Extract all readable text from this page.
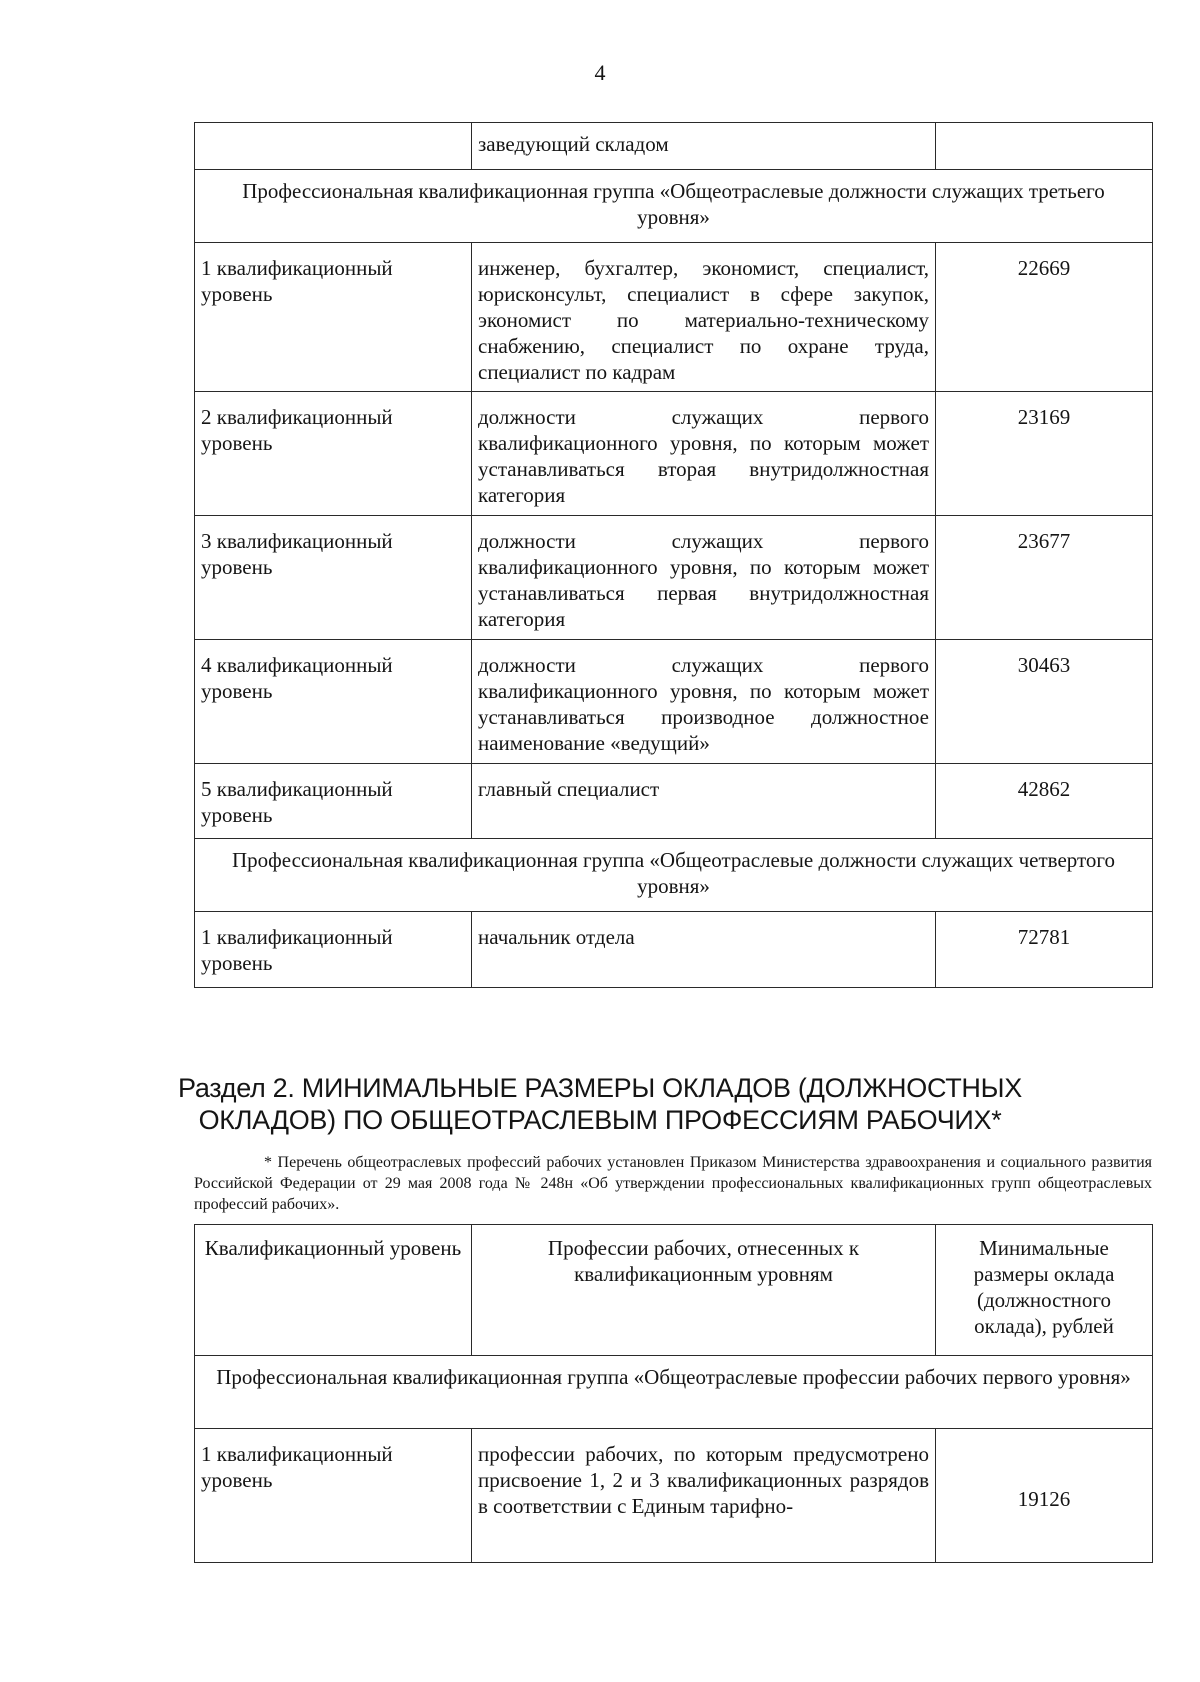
4
	заведующий складом	
Профессиональная квалификационная группа «Общеотраслевые должности служащих третьего уровня»		
1 квалификационный уровень	инженер, бухгалтер, экономист, специалист, юрисконсульт, специалист в сфере закупок, экономист по материально-техническому снабжению, специалист по охране труда, специалист по кадрам	22669
2 квалификационный уровень	должности служащих первого квалификационного уровня, по которым может устанавливаться вторая внутридолжностная категория	23169
3 квалификационный уровень	должности служащих первого квалификационного уровня, по которым может устанавливаться первая внутридолжностная категория	23677
4 квалификационный уровень	должности служащих первого квалификационного уровня, по которым может устанавливаться производное должностное наименование «ведущий»	30463
5 квалификационный уровень	главный специалист	42862
Профессиональная квалификационная группа «Общеотраслевые должности служащих четвертого уровня»		
1 квалификационный уровень	начальник отдела	72781
Раздел 2. МИНИМАЛЬНЫЕ РАЗМЕРЫ ОКЛАДОВ (ДОЛЖНОСТНЫХ
ОКЛАДОВ) ПО ОБЩЕОТРАСЛЕВЫМ ПРОФЕССИЯМ РАБОЧИХ*
* Перечень общеотраслевых профессий рабочих установлен Приказом Министерства здравоохранения и социального развития Российской Федерации от 29 мая 2008 года № 248н «Об утверждении профессиональных квалификационных групп общеотраслевых профессий рабочих».
Квалификационный уровень	Профессии рабочих, отнесенных к квалификационным уровням	Минимальные размеры оклада (должностного оклада), рублей
Профессиональная квалификационная группа «Общеотраслевые профессии рабочих первого уровня»		
1 квалификационный уровень	профессии рабочих, по которым предусмотрено присвоение 1, 2 и 3 квалификационных разрядов в соответствии с Единым тарифно-	19126
